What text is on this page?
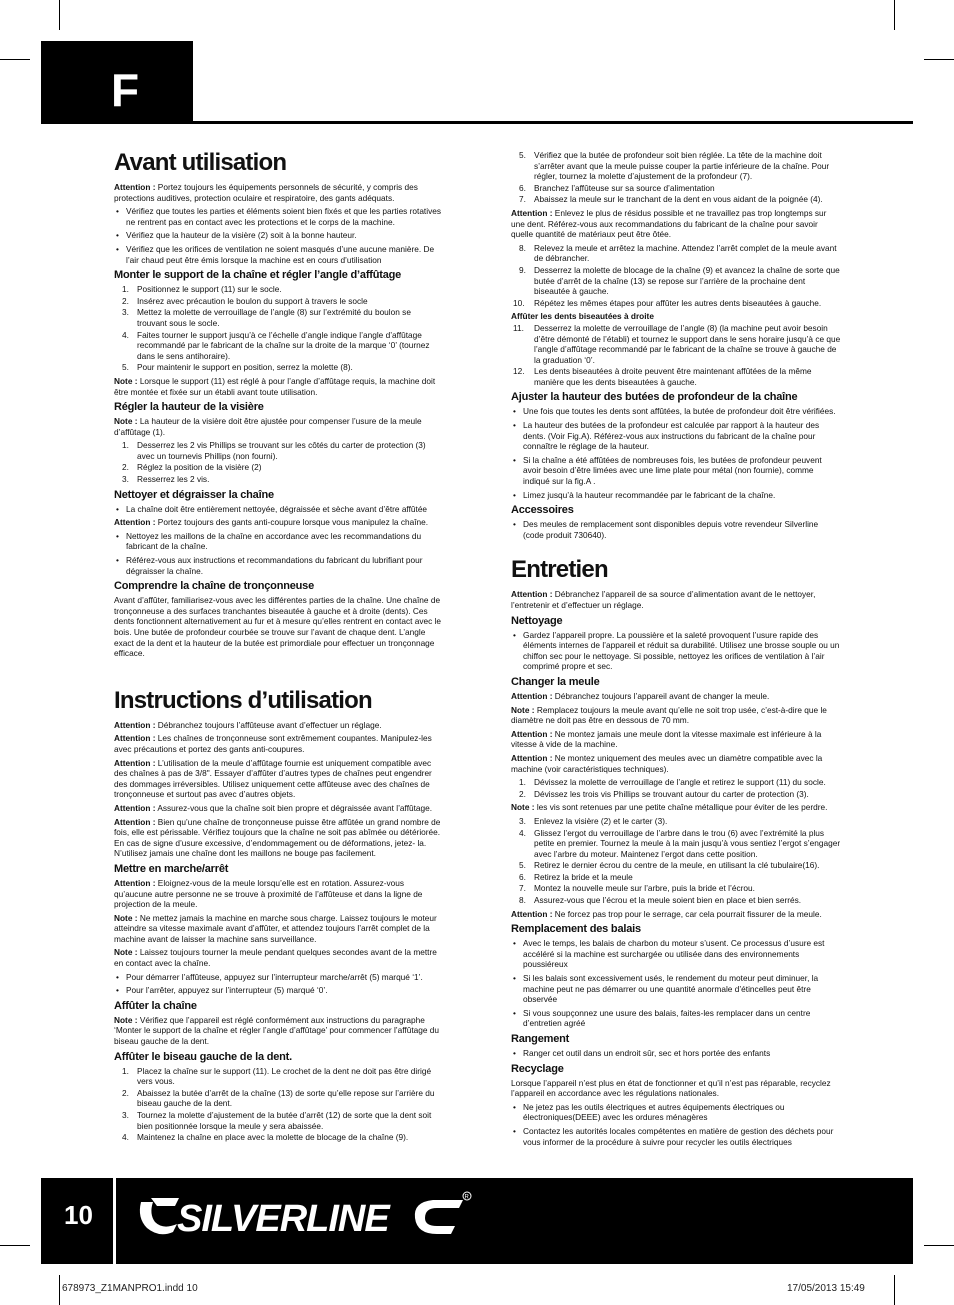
F
Avant utilisation

Attention : Portez toujours les équipements personnels de sécurité, y compris des protections auditives, protection oculaire et respiratoire, des gants adéquats.

• Vérifiez que toutes les parties et éléments soient bien fixés et que les parties rotatives ne rentrent pas en contact avec les protections et le corps de la machine.
• Vérifiez que la hauteur de la visière (2) soit à la bonne hauteur.
• Vérifiez que les orifices de ventilation ne soient masqués d’une aucune manière. De l’air chaud peut être émis lorsque la machine est en cours d’utilisation
Monter le support de la chaîne et régler l’angle d’affûtage
1. Positionnez le support (11) sur le socle.
2. Insérez avec précaution le boulon du support à travers le socle
3. Mettez la molette de verrouillage de l’angle (8) sur l’extrémité du boulon se trouvant sous le socle.
4. Faites tourner le support jusqu’à ce l’échelle d’angle indique l’angle d’affûtage recommandé par le fabricant de la chaîne sur la droite de la marque ‘0’ (tournez dans le sens antihoraire).
5. Pour maintenir le support en position, serrez la molette (8).

Note : Lorsque le support (11) est réglé à pour l’angle d’affûtage requis, la machine doit être montée et fixée sur un établi avant toute utilisation.

Régler la hauteur de la visière

Note : La hauteur de la visière doit être ajustée pour compenser l’usure de la meule d’affûtage (1).

1. Desserrez les 2 vis Phillips se trouvant sur les côtés du carter de protection (3) avec un tournevis Phillips (non fourni).
2. Réglez la position de la visière (2)
3. Resserrez les 2 vis.
Nettoyer et dégraisser la chaîne
• La chaîne doit être entièrement nettoyée, dégraissée et sèche avant d’être affûtée

Attention : Portez toujours des gants anti-coupure lorsque vous manipulez la chaîne.

• Nettoyez les maillons de la chaîne en accordance avec les recommandations du fabricant de la chaîne.
• Référez-vous aux instructions et recommandations du fabricant du lubrifiant pour dégraisser la chaîne.
Comprendre la chaîne de tronçonneuse

Avant d’affûter, familiarisez-vous avec les différentes parties de la chaîne. Une chaîne de tronçonneuse a des surfaces tranchantes biseautée à gauche et à droite (dents). Ces dents fonctionnent alternativement au fur et à mesure qu’elles rentrent en contact avec le bois. Une butée de profondeur courbée se trouve sur l’avant de chaque dent. L’angle exact de la dent et la hauteur de la butée est primordiale pour effectuer un tronçonnage efficace.

Instructions d’utilisation

Attention : Débranchez toujours l’affûteuse avant d’effectuer un réglage.

Attention : Les chaînes de tronçonneuse sont extrêmement coupantes. Manipulez-les avec précautions et portez des gants anti-coupures.

Attention : L’utilisation de la meule d’affûtage fournie est uniquement compatible avec des chaînes à pas de 3/8". Essayer d’affûter d’autres types de chaînes peut engendrer des dommages irréversibles. Utilisez uniquement cette affûteuse avec des chaînes de tronçonneuse et surtout pas avec d’autres objets.

Attention : Assurez-vous que la chaîne soit bien propre et dégraissée avant l’affûtage.

Attention : Bien qu’une chaîne de tronçonneuse puisse être affûtée un grand nombre de fois, elle est périssable. Vérifiez toujours que la chaîne ne soit pas abîmée ou détériorée. En cas de signe d’usure excessive, d’endommagement ou de déformations, jetez- la. N’utilisez jamais une chaîne dont les maillons ne bouge pas facilement.

Mettre en marche/arrêt

Attention : Eloignez-vous de la meule lorsqu’elle est en rotation. Assurez-vous qu’aucune autre personne ne se trouve à proximité de l’affûteuse et dans la ligne de projection de la meule.

Note : Ne mettez jamais la machine en marche sous charge. Laissez toujours le moteur atteindre sa vitesse maximale avant d’affûter, et attendez toujours l’arrêt complet de la machine avant de laisser la machine sans surveillance.

Note : Laissez toujours tourner la meule pendant quelques secondes avant de la mettre en contact avec la chaîne.

• Pour démarrer l’affûteuse, appuyez sur l’interrupteur marche/arrêt (5) marqué ‘1’.
• Pour l’arrêter, appuyez sur l’interrupteur (5) marqué ‘0’.
Affûter la chaîne

Note : Vérifiez que l’appareil est réglé conformément aux instructions du paragraphe ‘Monter le support de la chaîne et régler l’angle d’affûtage’ pour commencer l’affûtage du biseau gauche de la dent.

Affûter le biseau gauche de la dent.
1. Placez la chaîne sur le support (11). Le crochet de la dent ne doit pas être dirigé vers vous.
2. Abaissez la butée d’arrêt de la chaîne (13) de sorte qu’elle repose sur l’arrière du biseau gauche de la dent.
3. Tournez la molette d’ajustement de la butée d’arrêt (12) de sorte que la dent soit bien positionnée lorsque la meule y sera abaissée.
4. Maintenez la chaîne en place avec la molette de blocage de la chaîne (9).
5. Vérifiez que la butée de profondeur soit bien réglée. La tête de la machine doit s’arrêter avant que la meule puisse couper la partie inférieure de la chaîne. Pour régler, tournez la molette d’ajustement de la profondeur (7).
6. Branchez l’affûteuse sur sa source d’alimentation
7. Abaissez la meule sur le tranchant de la dent en vous aidant de la poignée (4).

Attention : Enlevez le plus de résidus possible et ne travaillez pas trop longtemps sur une dent. Référez-vous aux recommandations du fabricant de la chaîne pour savoir quelle quantité de matériaux peut être ôtée.

8. Relevez la meule et arrêtez la machine. Attendez l’arrêt complet de la meule avant de débrancher.
9. Desserrez la molette de blocage de la chaîne (9) et avancez la chaîne de sorte que butée d’arrêt de la chaîne (13) se repose sur l’arrière de la prochaine dent biseautée à gauche.
10. Répétez les mêmes étapes pour affûter les autres dents biseautées à gauche.
Affûter les dents biseautées à droite
11. Desserrez la molette de verrouillage de l’angle (8) (la machine peut avoir besoin d’être démonté de l’établi) et tournez le support dans le sens horaire jusqu’à ce que l’angle d’affûtage recommandé par le fabricant de la chaîne se trouve à gauche de la graduation ‘0’.
12. Les dents biseautées à droite peuvent être maintenant affûtées de la même manière que les dents biseautées à gauche.
Ajuster la hauteur des butées de profondeur de la chaîne
• Une fois que toutes les dents sont affûtées, la butée de profondeur doit être vérifiées.
• La hauteur des butées de la profondeur est calculée par rapport à la hauteur des dents. (Voir Fig.A). Référez-vous aux instructions du fabricant de la chaîne pour connaître le réglage de la hauteur.
• Si la chaîne a été affûtées de nombreuses fois, les butées de profondeur peuvent avoir besoin d’être limées avec une lime plate pour métal (non fournie), comme indiqué sur la fig.A .
• Limez jusqu’à la hauteur recommandée par le fabricant de la chaîne.
Accessoires
• Des meules de remplacement sont disponibles depuis votre revendeur Silverline (code produit 730640).
Entretien

Attention : Débranchez l’appareil de sa source d’alimentation avant de le nettoyer, l’entretenir et d’effectuer un réglage.

Nettoyage
• Gardez l’appareil propre. La poussière et la saleté provoquent l’usure rapide des éléments internes de l’appareil et réduit sa durabilité. Utilisez une brosse souple ou un chiffon sec pour le nettoyage. Si possible, nettoyez les orifices de ventilation à l’air comprimé propre et sec.
Changer la meule

Attention : Débranchez toujours l’appareil avant de changer la meule.

Note : Remplacez toujours la meule avant qu’elle ne soit trop usée, c’est-à-dire que le diamètre ne doit pas être en dessous de 70 mm.

Attention : Ne montez jamais une meule dont la vitesse maximale est inférieure à la vitesse à vide de la machine.

Attention : Ne montez uniquement des meules avec un diamètre compatible avec la machine (voir caractéristiques techniques).

1. Dévissez la molette de verrouillage de l’angle et retirez le support (11) du socle.
2. Dévissez les trois vis Phillips se trouvant autour du carter de protection (3).

Note : les vis sont retenues par une petite chaîne métallique pour éviter de les perdre.

3. Enlevez la visière (2) et le carter (3).
4. Glissez l’ergot du verrouillage de l’arbre dans le trou (6) avec l’extrémité la plus petite en premier. Tournez la meule à la main jusqu’à vous sentiez l’ergot s’engager avec l’arbre du moteur. Maintenez l’ergot dans cette position.
5. Retirez le dernier écrou du centre de la meule, en utilisant la clé tubulaire(16).
6. Retirez la bride et la meule
7. Montez la nouvelle meule sur l’arbre, puis la bride et l’écrou.
8. Assurez-vous que l’écrou et la meule soient bien en place et bien serrés.

Attention : Ne forcez pas trop pour le serrage, car cela pourrait fissurer de la meule.

Remplacement des balais
• Avec le temps, les balais de charbon du moteur s’usent. Ce processus d’usure est accéléré si la machine est surchargée ou utilisée dans des environnements poussiéreux
• Si les balais sont excessivement usés, le rendement du moteur peut diminuer, la machine peut ne pas démarrer ou une quantité anormale d’étincelles peut être observée
• Si vous soupçonnez une usure des balais, faites-les remplacer dans un centre d’entretien agréé
Rangement
• Ranger cet outil dans un endroit sûr, sec et hors portée des enfants
Recyclage

Lorsque l’appareil n’est plus en état de fonctionner et qu’il n’est pas réparable, recyclez l’appareil en accordance avec les régulations nationales.

• Ne jetez pas les outils électriques et autres équipements électriques ou électroniques(DEEE) avec les ordures ménagères
• Contactez les autorités locales compétentes en matière de gestion des déchets pour vous informer de la procédure à suivre pour recycler les outils électriques
10	SILVERLINE
R
678973_Z1MANPRO1.indd 10	17/05/2013 15:49
